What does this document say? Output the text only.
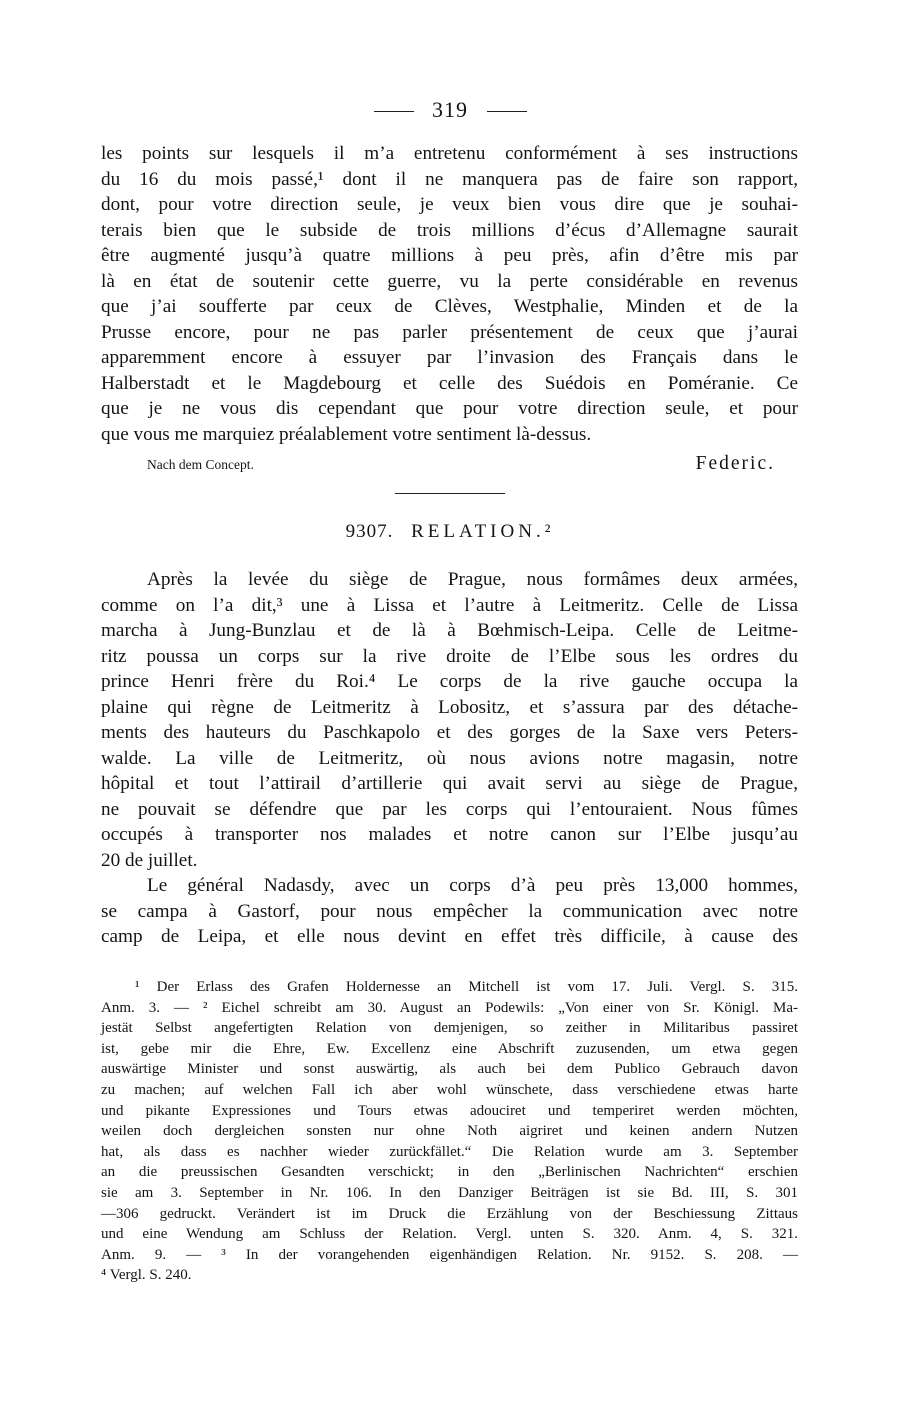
319
les points sur lesquels il m’a entretenu conformément à ses instructions
du 16 du mois passé,¹ dont il ne manquera pas de faire son rapport,
dont, pour votre direction seule, je veux bien vous dire que je souhai-
terais bien que le subside de trois millions d’écus d’Allemagne saurait
être augmenté jusqu’à quatre millions à peu près, afin d’être mis par
là en état de soutenir cette guerre, vu la perte considérable en revenus
que j’ai soufferte par ceux de Clèves, Westphalie, Minden et de la
Prusse encore, pour ne pas parler présentement de ceux que j’aurai
apparemment encore à essuyer par l’invasion des Français dans le
Halberstadt et le Magdebourg et celle des Suédois en Poméranie. Ce
que je ne vous dis cependant que pour votre direction seule, et pour
que vous me marquiez préalablement votre sentiment là-dessus.
Nach dem Concept.	Federic.
9307. RELATION.²
Après la levée du siège de Prague, nous formâmes deux armées,
comme on l’a dit,³ une à Lissa et l’autre à Leitmeritz. Celle de Lissa
marcha à Jung-Bunzlau et de là à Bœhmisch-Leipa. Celle de Leitme-
ritz poussa un corps sur la rive droite de l’Elbe sous les ordres du
prince Henri frère du Roi.⁴ Le corps de la rive gauche occupa la
plaine qui règne de Leitmeritz à Lobositz, et s’assura par des détache-
ments des hauteurs du Paschkapolo et des gorges de la Saxe vers Peters-
walde. La ville de Leitmeritz, où nous avions notre magasin, notre
hôpital et tout l’attirail d’artillerie qui avait servi au siège de Prague,
ne pouvait se défendre que par les corps qui l’entouraient. Nous fûmes
occupés à transporter nos malades et notre canon sur l’Elbe jusqu’au
20 de juillet.
Le général Nadasdy, avec un corps d’à peu près 13,000 hommes,
se campa à Gastorf, pour nous empêcher la communication avec notre
camp de Leipa, et elle nous devint en effet très difficile, à cause des
¹ Der Erlass des Grafen Holdernesse an Mitchell ist vom 17. Juli. Vergl. S. 315.
Anm. 3. — ² Eichel schreibt am 30. August an Podewils: „Von einer von Sr. Königl. Ma-
jestät Selbst angefertigten Relation von demjenigen, so zeither in Militaribus passiret
ist, gebe mir die Ehre, Ew. Excellenz eine Abschrift zuzusenden, um etwa gegen
auswärtige Minister und sonst auswärtig, als auch bei dem Publico Gebrauch davon
zu machen; auf welchen Fall ich aber wohl wünschete, dass verschiedene etwas harte
und pikante Expressiones und Tours etwas adouciret und temperiret werden möchten,
weilen doch dergleichen sonsten nur ohne Noth aigriret und keinen andern Nutzen
hat, als dass es nachher wieder zurückfället.“ Die Relation wurde am 3. September
an die preussischen Gesandten verschickt; in den „Berlinischen Nachrichten“ erschien
sie am 3. September in Nr. 106. In den Danziger Beiträgen ist sie Bd. III, S. 301
—306 gedruckt. Verändert ist im Druck die Erzählung von der Beschiessung Zittaus
und eine Wendung am Schluss der Relation. Vergl. unten S. 320. Anm. 4, S. 321.
Anm. 9. — ³ In der vorangehenden eigenhändigen Relation. Nr. 9152. S. 208. —
⁴ Vergl. S. 240.
